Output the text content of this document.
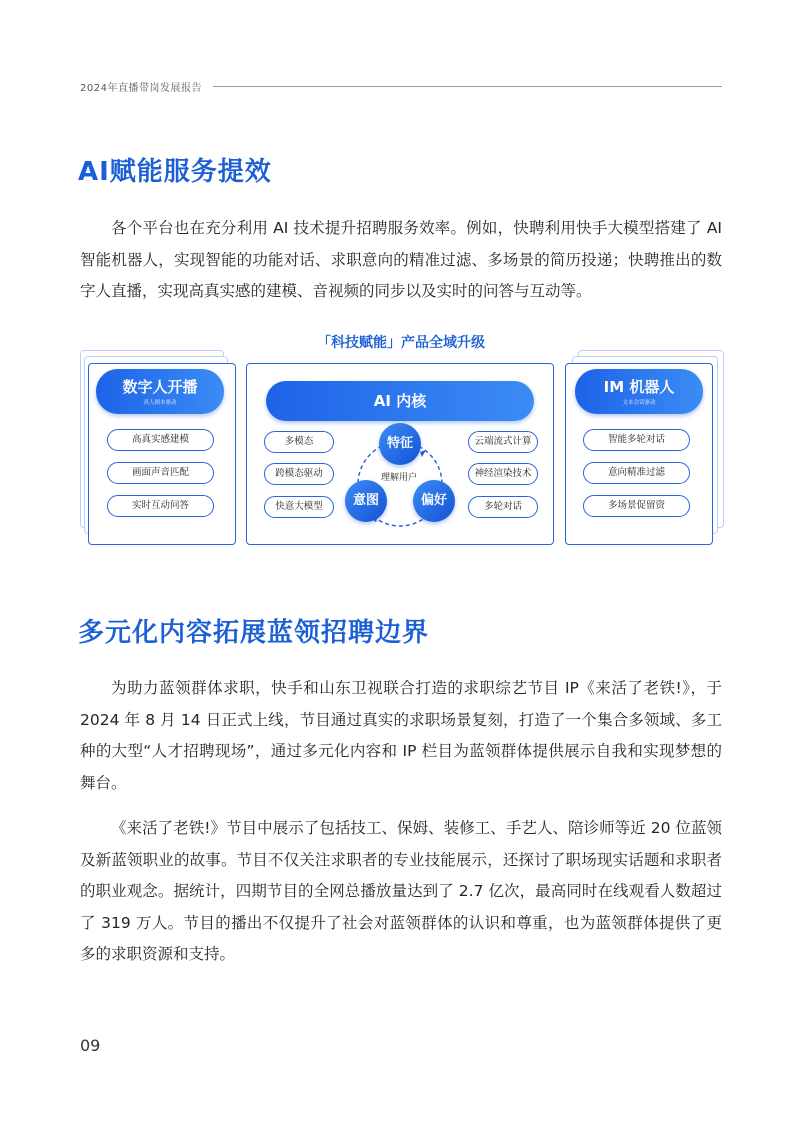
2024年直播带岗发展报告
AI赋能服务提效

各个平台也在充分利用 AI 技术提升招聘服务效率。例如，快聘利用快手大模型搭建了 AI 智能机器人，实现智能的功能对话、求职意向的精准过滤、多场景的简历投递；快聘推出的数字人直播，实现高真实感的建模、音视频的同步以及实时的问答与互动等。

「科技赋能」产品全域升级
数字人开播
真人剧本驱动
高真实感建模
画面声音匹配
实时互动问答
AI 内核
多模态
跨模态驱动
快意大模型
云端流式计算
神经渲染技术
多轮对话
特征
意图	偏好
理解用户
IM 机器人
文本会话驱动
智能多轮对话
意向精准过滤
多场景促留资
多元化内容拓展蓝领招聘边界

为助力蓝领群体求职，快手和山东卫视联合打造的求职综艺节目 IP《来活了老铁!》，于 2024 年 8 月 14 日正式上线，节目通过真实的求职场景复刻，打造了一个集合多领域、多工种的大型“人才招聘现场”，通过多元化内容和 IP 栏目为蓝领群体提供展示自我和实现梦想的舞台。

《来活了老铁!》节目中展示了包括技工、保姆、装修工、手艺人、陪诊师等近 20 位蓝领及新蓝领职业的故事。节目不仅关注求职者的专业技能展示，还探讨了职场现实话题和求职者的职业观念。据统计，四期节目的全网总播放量达到了 2.7 亿次，最高同时在线观看人数超过了 319 万人。节目的播出不仅提升了社会对蓝领群体的认识和尊重，也为蓝领群体提供了更多的求职资源和支持。

09
